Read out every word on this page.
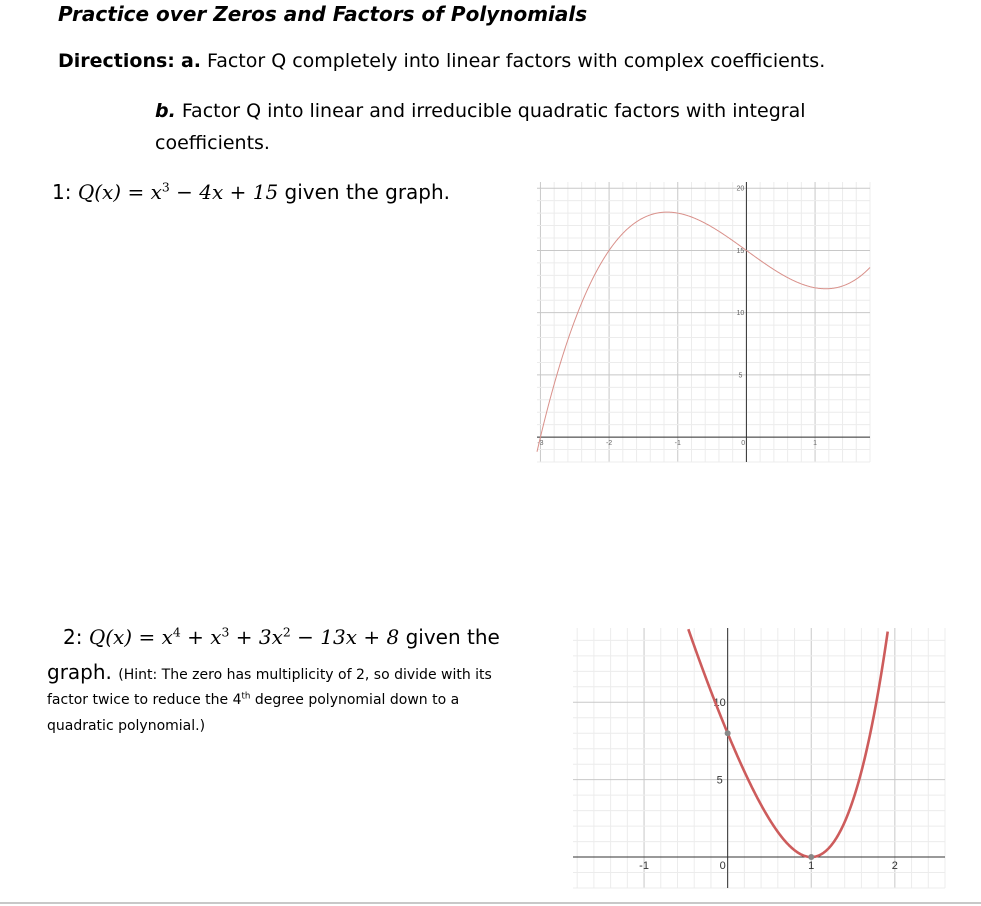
Practice over Zeros and Factors of Polynomials
Directions: a. Factor Q completely into linear factors with complex coefficients.
b. Factor Q into linear and irreducible quadratic factors with integral
coefficients.
1: $Q(x) = x^3 - 4x + 15$ given the graph.
2: $Q(x) = x^4 + x^3 + 3x^2 - 13x + 8$ given the
graph. (Hint: The zero has multiplicity of 2, so divide with its
factor twice to reduce the 4th degree polynomial down to a
quadratic polynomial.)
-3	-2	-1	0	1
5
10
15
20
-1	0	1	2
5
10
